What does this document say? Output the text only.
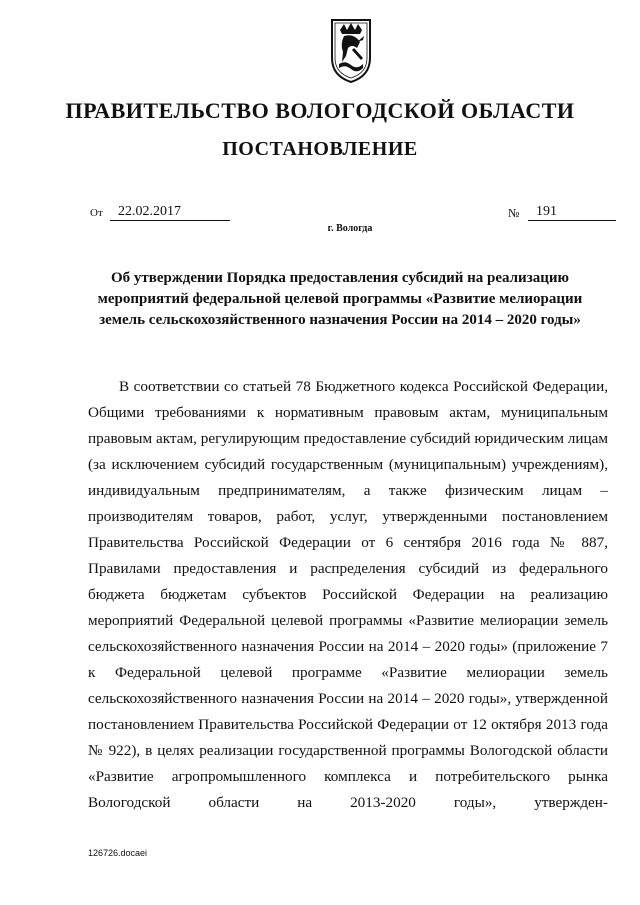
ПРАВИТЕЛЬСТВО ВОЛОГОДСКОЙ ОБЛАСТИ
ПОСТАНОВЛЕНИЕ
От	22.02.2017	№	191
г. Вологда
Об утверждении Порядка предоставления субсидий на реализацию мероприятий федеральной целевой программы «Развитие мелиорации земель сельскохозяйственного назначения России на 2014 – 2020 годы»

В соответствии со статьей 78 Бюджетного кодекса Российской Федерации, Общими требованиями к нормативным правовым актам, муниципальным правовым актам, регулирующим предоставление субсидий юридическим лицам (за исключением субсидий государственным (муниципальным) учреждениям), индивидуальным предпринимателям, а также физическим лицам – производителям товаров, работ, услуг, утвержденными постановлением Правительства Российской Федерации от 6 сентября 2016 года № 887, Правилами предоставления и распределения субсидий из федерального бюджета бюджетам субъектов Российской Федерации на реализацию мероприятий Федеральной целевой программы «Развитие мелиорации земель сельскохозяйственного назначения России на 2014 – 2020 годы» (приложение 7 к Федеральной целевой программе «Развитие мелиорации земель сельскохозяйственного назначения России на 2014 – 2020 годы», утвержденной постановлением Правительства Российской Федерации от 12 октября 2013 года № 922), в целях реализации государственной программы Вологодской области «Развитие агропромышленного комплекса и потребительского рынка Вологодской области на 2013-2020 годы», утвержден-

126726.docaei
